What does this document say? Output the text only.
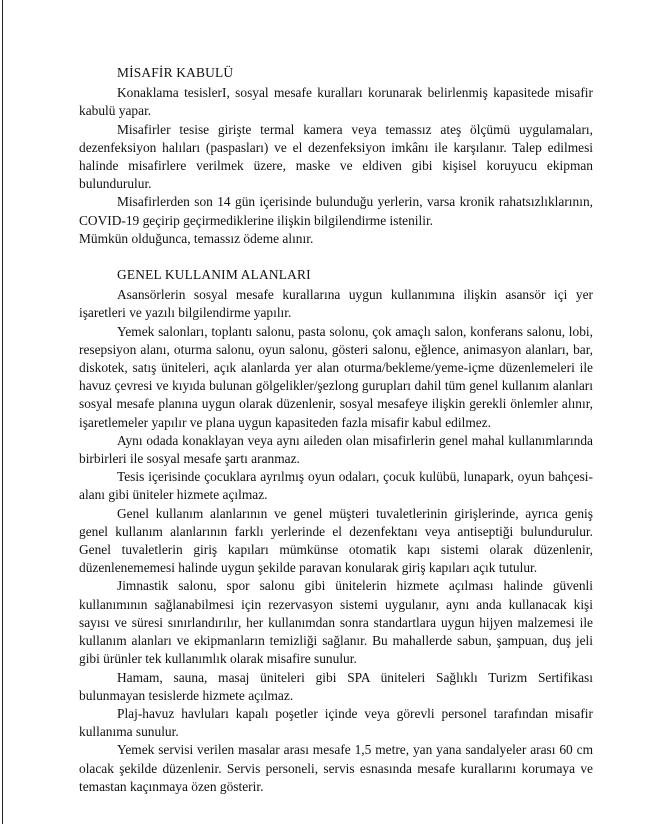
MİSAFİR KABULÜ

Konaklama tesislerI, sosyal mesafe kuralları korunarak belirlenmiş kapasitede misafir kabulü yapar.

Misafirler tesise girişte termal kamera veya temassız ateş ölçümü uygulamaları, dezenfeksiyon halıları (paspasları) ve el dezenfeksiyon imkânı ile karşılanır. Talep edilmesi halinde misafirlere verilmek üzere, maske ve eldiven gibi kişisel koruyucu ekipman bulundurulur.

Misafirlerden son 14 gün içerisinde bulunduğu yerlerin, varsa kronik rahatsızlıklarının, COVID-19 geçirip geçirmediklerine ilişkin bilgilendirme istenilir.

Mümkün olduğunca, temassız ödeme alınır.

GENEL KULLANIM ALANLARI

Asansörlerin sosyal mesafe kurallarına uygun kullanımına ilişkin asansör içi yer işaretleri ve yazılı bilgilendirme yapılır.

Yemek salonları, toplantı salonu, pasta solonu, çok amaçlı salon, konferans salonu, lobi, resepsiyon alanı, oturma salonu, oyun salonu, gösteri salonu, eğlence, animasyon alanları, bar, diskotek, satış üniteleri, açık alanlarda yer alan oturma/bekleme/yeme-içme düzenlemeleri ile havuz çevresi ve kıyıda bulunan gölgelikler/şezlong gurupları dahil tüm genel kullanım alanları sosyal mesafe planına uygun olarak düzenlenir, sosyal mesafeye ilişkin gerekli önlemler alınır, işaretlemeler yapılır ve plana uygun kapasiteden fazla misafir kabul edilmez.

Aynı odada konaklayan veya aynı aileden olan misafirlerin genel mahal kullanımlarında birbirleri ile sosyal mesafe şartı aranmaz.

Tesis içerisinde çocuklara ayrılmış oyun odaları, çocuk kulübü, lunapark, oyun bahçesi-alanı gibi üniteler hizmete açılmaz.

Genel kullanım alanlarının ve genel müşteri tuvaletlerinin girişlerinde, ayrıca geniş genel kullanım alanlarının farklı yerlerinde el dezenfektanı veya antiseptiği bulundurulur. Genel tuvaletlerin giriş kapıları mümkünse otomatik kapı sistemi olarak düzenlenir, düzenlenememesi halinde uygun şekilde paravan konularak giriş kapıları açık tutulur.

Jimnastik salonu, spor salonu gibi ünitelerin hizmete açılması halinde güvenli kullanımının sağlanabilmesi için rezervasyon sistemi uygulanır, aynı anda kullanacak kişi sayısı ve süresi sınırlandırılır, her kullanımdan sonra standartlara uygun hijyen malzemesi ile kullanım alanları ve ekipmanların temizliği sağlanır. Bu mahallerde sabun, şampuan, duş jeli gibi ürünler tek kullanımlık olarak misafire sunulur.

Hamam, sauna, masaj üniteleri gibi SPA üniteleri Sağlıklı Turizm Sertifikası bulunmayan tesislerde hizmete açılmaz.

Plaj-havuz havluları kapalı poşetler içinde veya görevli personel tarafından misafir kullanıma sunulur.

Yemek servisi verilen masalar arası mesafe 1,5 metre, yan yana sandalyeler arası 60 cm olacak şekilde düzenlenir. Servis personeli, servis esnasında mesafe kurallarını korumaya ve temastan kaçınmaya özen gösterir.
